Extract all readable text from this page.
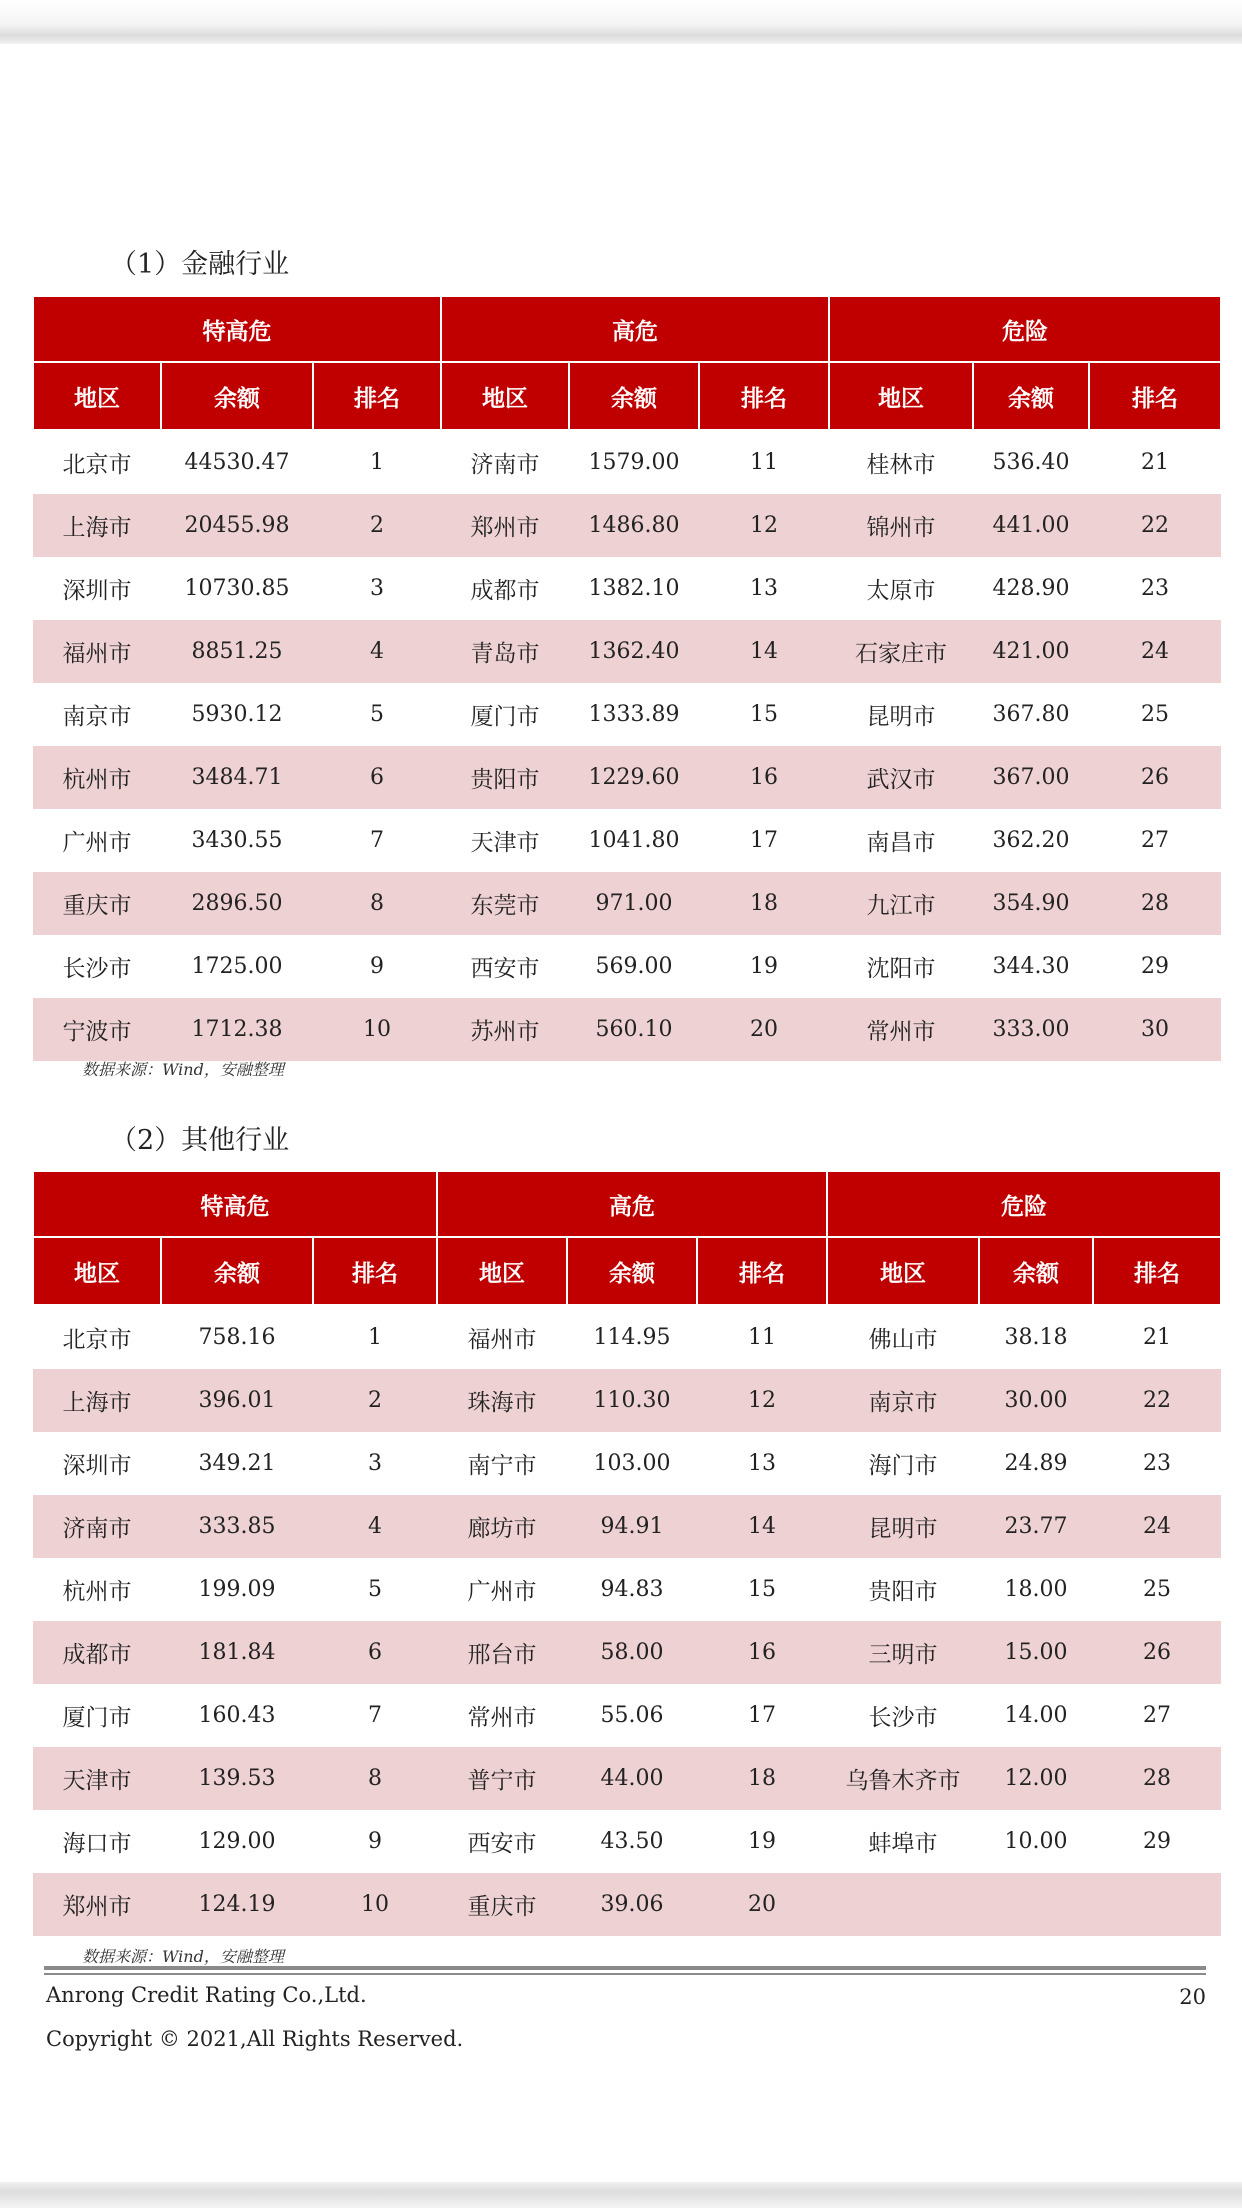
（1）金融行业
特高危			高危			危险		
地区	余额	排名	地区	余额	排名	地区	余额	排名
北京市	44530.47	1	济南市	1579.00	11	桂林市	536.40	21
上海市	20455.98	2	郑州市	1486.80	12	锦州市	441.00	22
深圳市	10730.85	3	成都市	1382.10	13	太原市	428.90	23
福州市	8851.25	4	青岛市	1362.40	14	石家庄市	421.00	24
南京市	5930.12	5	厦门市	1333.89	15	昆明市	367.80	25
杭州市	3484.71	6	贵阳市	1229.60	16	武汉市	367.00	26
广州市	3430.55	7	天津市	1041.80	17	南昌市	362.20	27
重庆市	2896.50	8	东莞市	971.00	18	九江市	354.90	28
长沙市	1725.00	9	西安市	569.00	19	沈阳市	344.30	29
宁波市	1712.38	10	苏州市	560.10	20	常州市	333.00	30
数据来源：Wind，安融整理
（2）其他行业
特高危			高危			危险		
地区	余额	排名	地区	余额	排名	地区	余额	排名
北京市	758.16	1	福州市	114.95	11	佛山市	38.18	21
上海市	396.01	2	珠海市	110.30	12	南京市	30.00	22
深圳市	349.21	3	南宁市	103.00	13	海门市	24.89	23
济南市	333.85	4	廊坊市	94.91	14	昆明市	23.77	24
杭州市	199.09	5	广州市	94.83	15	贵阳市	18.00	25
成都市	181.84	6	邢台市	58.00	16	三明市	15.00	26
厦门市	160.43	7	常州市	55.06	17	长沙市	14.00	27
天津市	139.53	8	普宁市	44.00	18	乌鲁木齐市	12.00	28
海口市	129.00	9	西安市	43.50	19	蚌埠市	10.00	29
郑州市	124.19	10	重庆市	39.06	20			
数据来源：Wind，安融整理
Anrong Credit Rating Co.,Ltd.	20
Copyright © 2021,All Rights Reserved.
